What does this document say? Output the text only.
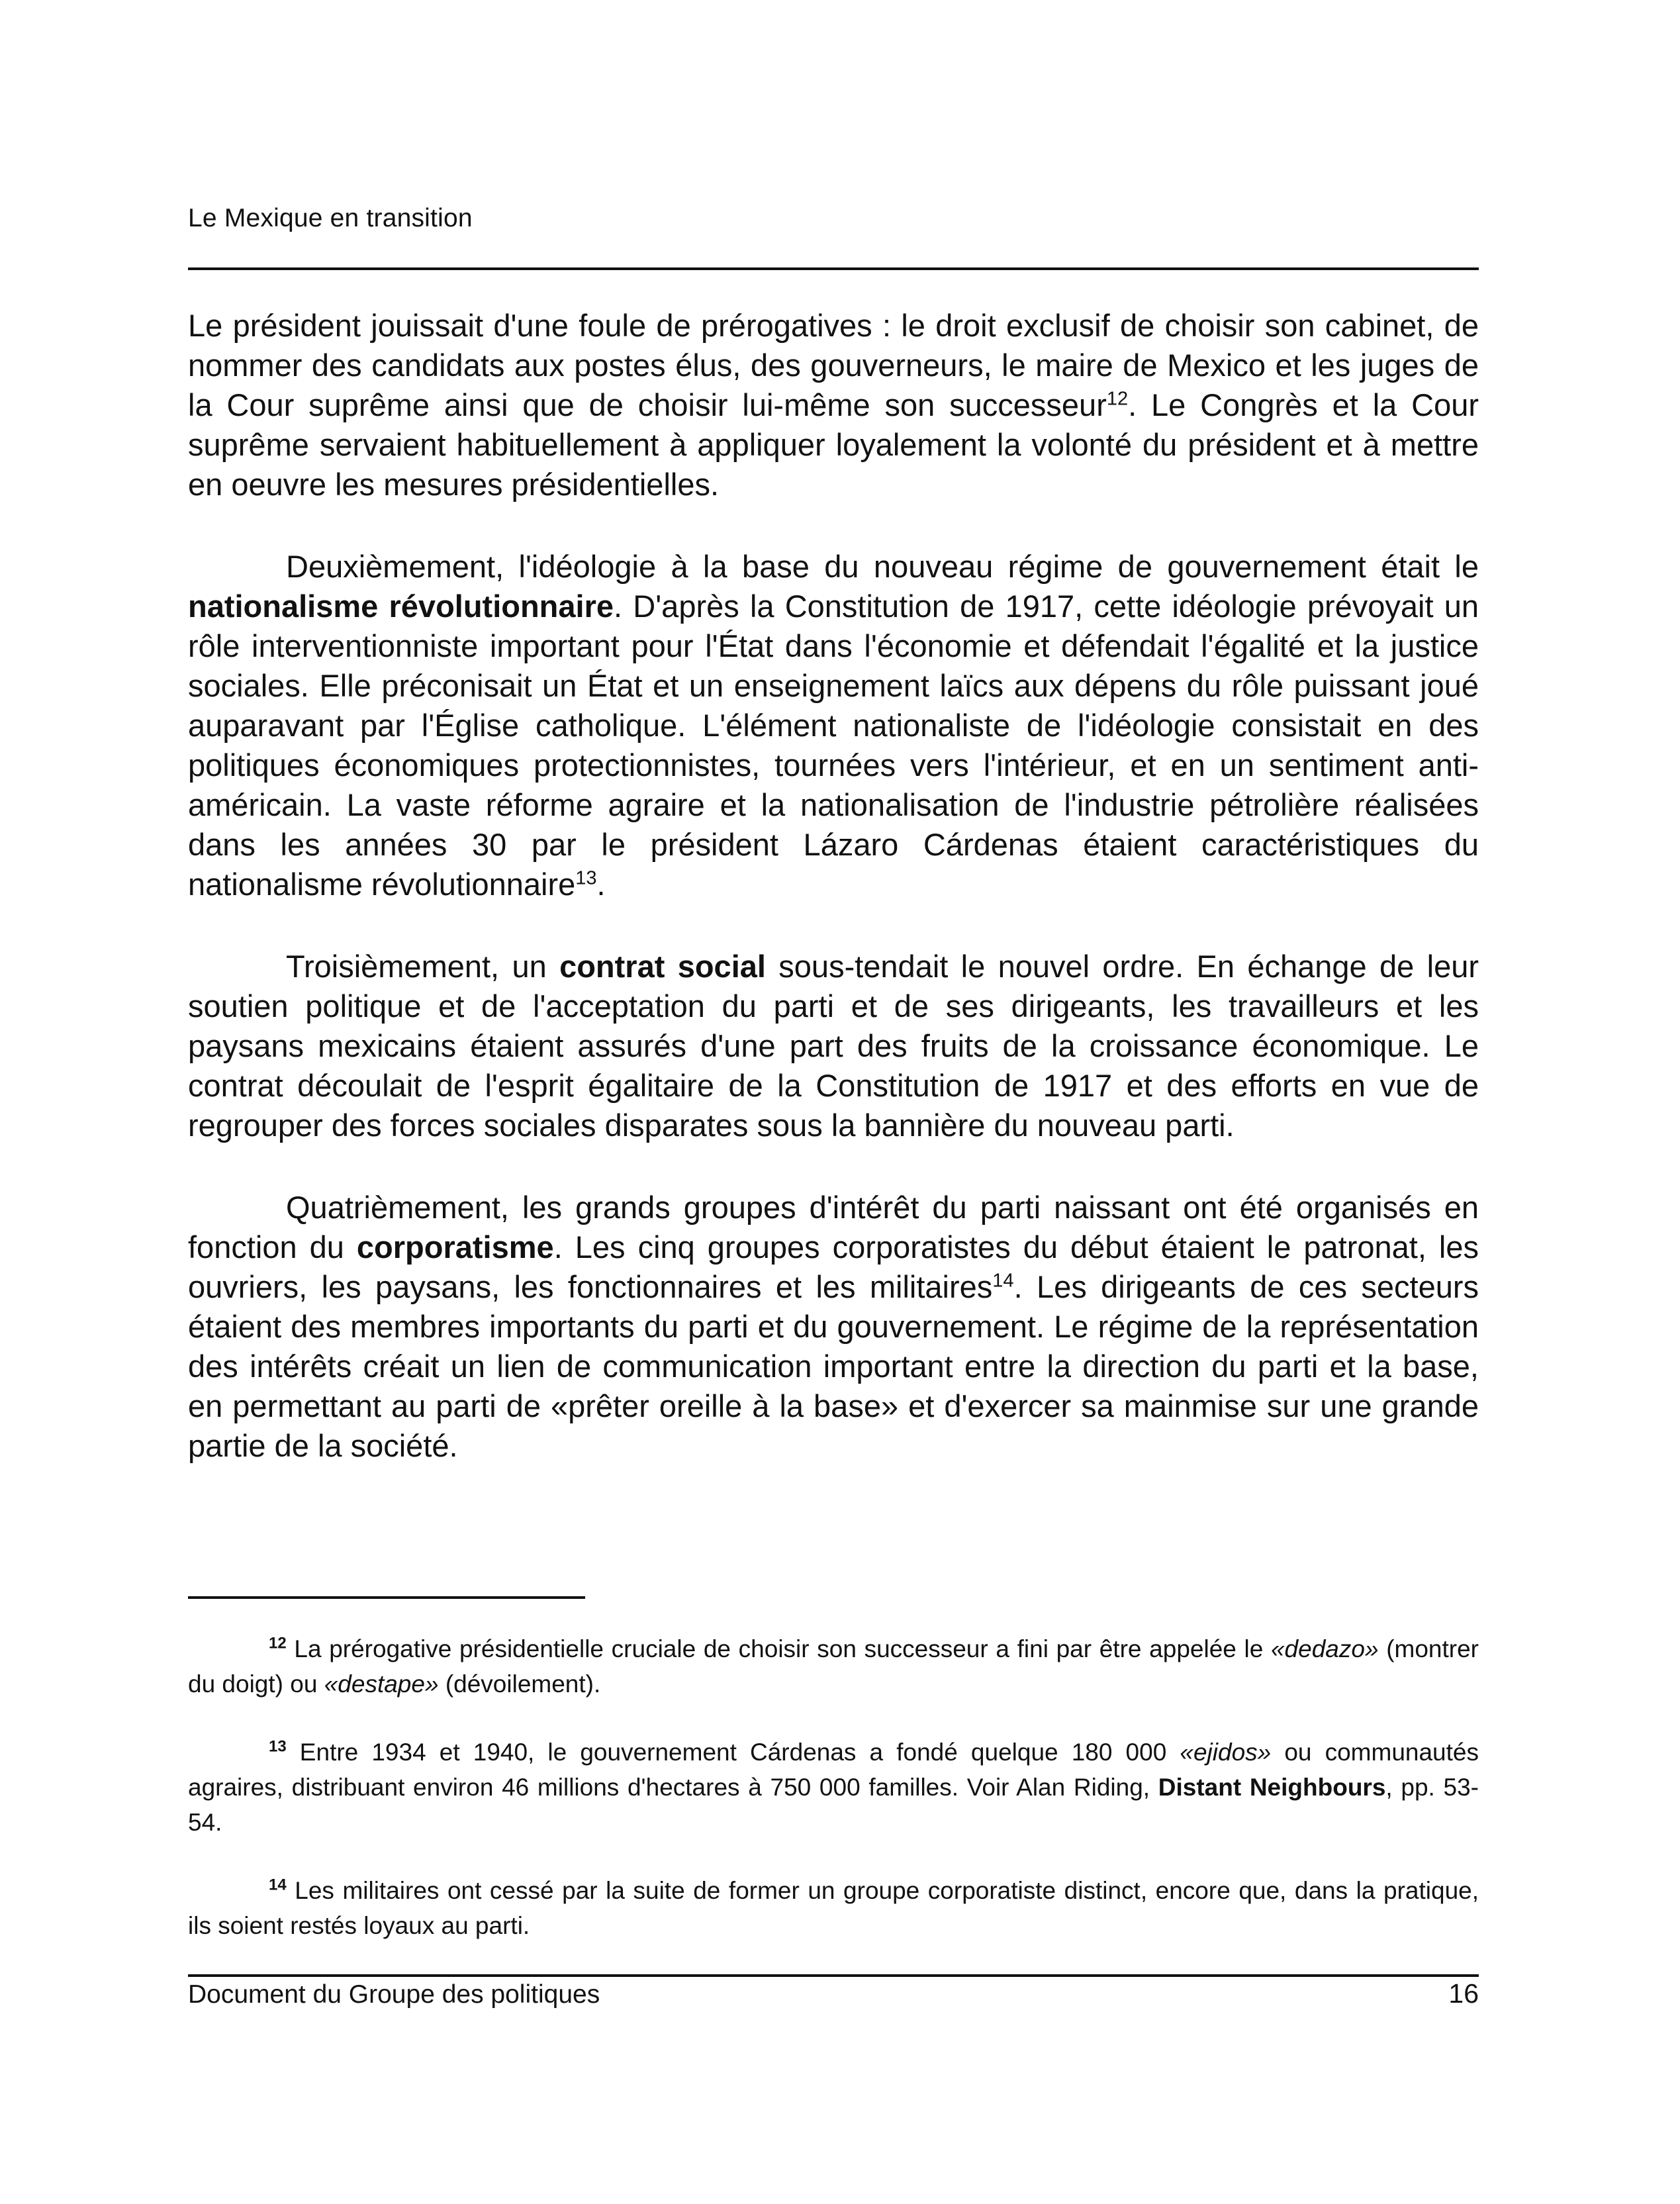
Le Mexique en transition

Le président jouissait d'une foule de prérogatives : le droit exclusif de choisir son cabinet, de nommer des candidats aux postes élus, des gouverneurs, le maire de Mexico et les juges de la Cour suprême ainsi que de choisir lui-même son successeur$^{12}$. Le Congrès et la Cour suprême servaient habituellement à appliquer loyalement la volonté du président et à mettre en oeuvre les mesures présidentielles.

Deuxièmement, l'idéologie à la base du nouveau régime de gouvernement était le nationalisme révolutionnaire. D'après la Constitution de 1917, cette idéologie prévoyait un rôle interventionniste important pour l'État dans l'économie et défendait l'égalité et la justice sociales. Elle préconisait un État et un enseignement laïcs aux dépens du rôle puissant joué auparavant par l'Église catholique. L'élément nationaliste de l'idéologie consistait en des politiques économiques protectionnistes, tournées vers l'intérieur, et en un sentiment anti-américain. La vaste réforme agraire et la nationalisation de l'industrie pétrolière réalisées dans les années 30 par le président Lázaro Cárdenas étaient caractéristiques du nationalisme révolutionnaire$^{13}$.

Troisièmement, un contrat social sous-tendait le nouvel ordre. En échange de leur soutien politique et de l'acceptation du parti et de ses dirigeants, les travailleurs et les paysans mexicains étaient assurés d'une part des fruits de la croissance économique. Le contrat découlait de l'esprit égalitaire de la Constitution de 1917 et des efforts en vue de regrouper des forces sociales disparates sous la bannière du nouveau parti.

Quatrièmement, les grands groupes d'intérêt du parti naissant ont été organisés en fonction du corporatisme. Les cinq groupes corporatistes du début étaient le patronat, les ouvriers, les paysans, les fonctionnaires et les militaires$^{14}$. Les dirigeants de ces secteurs étaient des membres importants du parti et du gouvernement. Le régime de la représentation des intérêts créait un lien de communication important entre la direction du parti et la base, en permettant au parti de «prêter oreille à la base» et d'exercer sa mainmise sur une grande partie de la société.

$^{12}$ La prérogative présidentielle cruciale de choisir son successeur a fini par être appelée le «dedazo» (montrer du doigt) ou «destape» (dévoilement).

$^{13}$ Entre 1934 et 1940, le gouvernement Cárdenas a fondé quelque 180 000 «ejidos» ou communautés agraires, distribuant environ 46 millions d'hectares à 750 000 familles. Voir Alan Riding, Distant Neighbours, pp. 53-54.

$^{14}$ Les militaires ont cessé par la suite de former un groupe corporatiste distinct, encore que, dans la pratique, ils soient restés loyaux au parti.

Document du Groupe des politiques	16
